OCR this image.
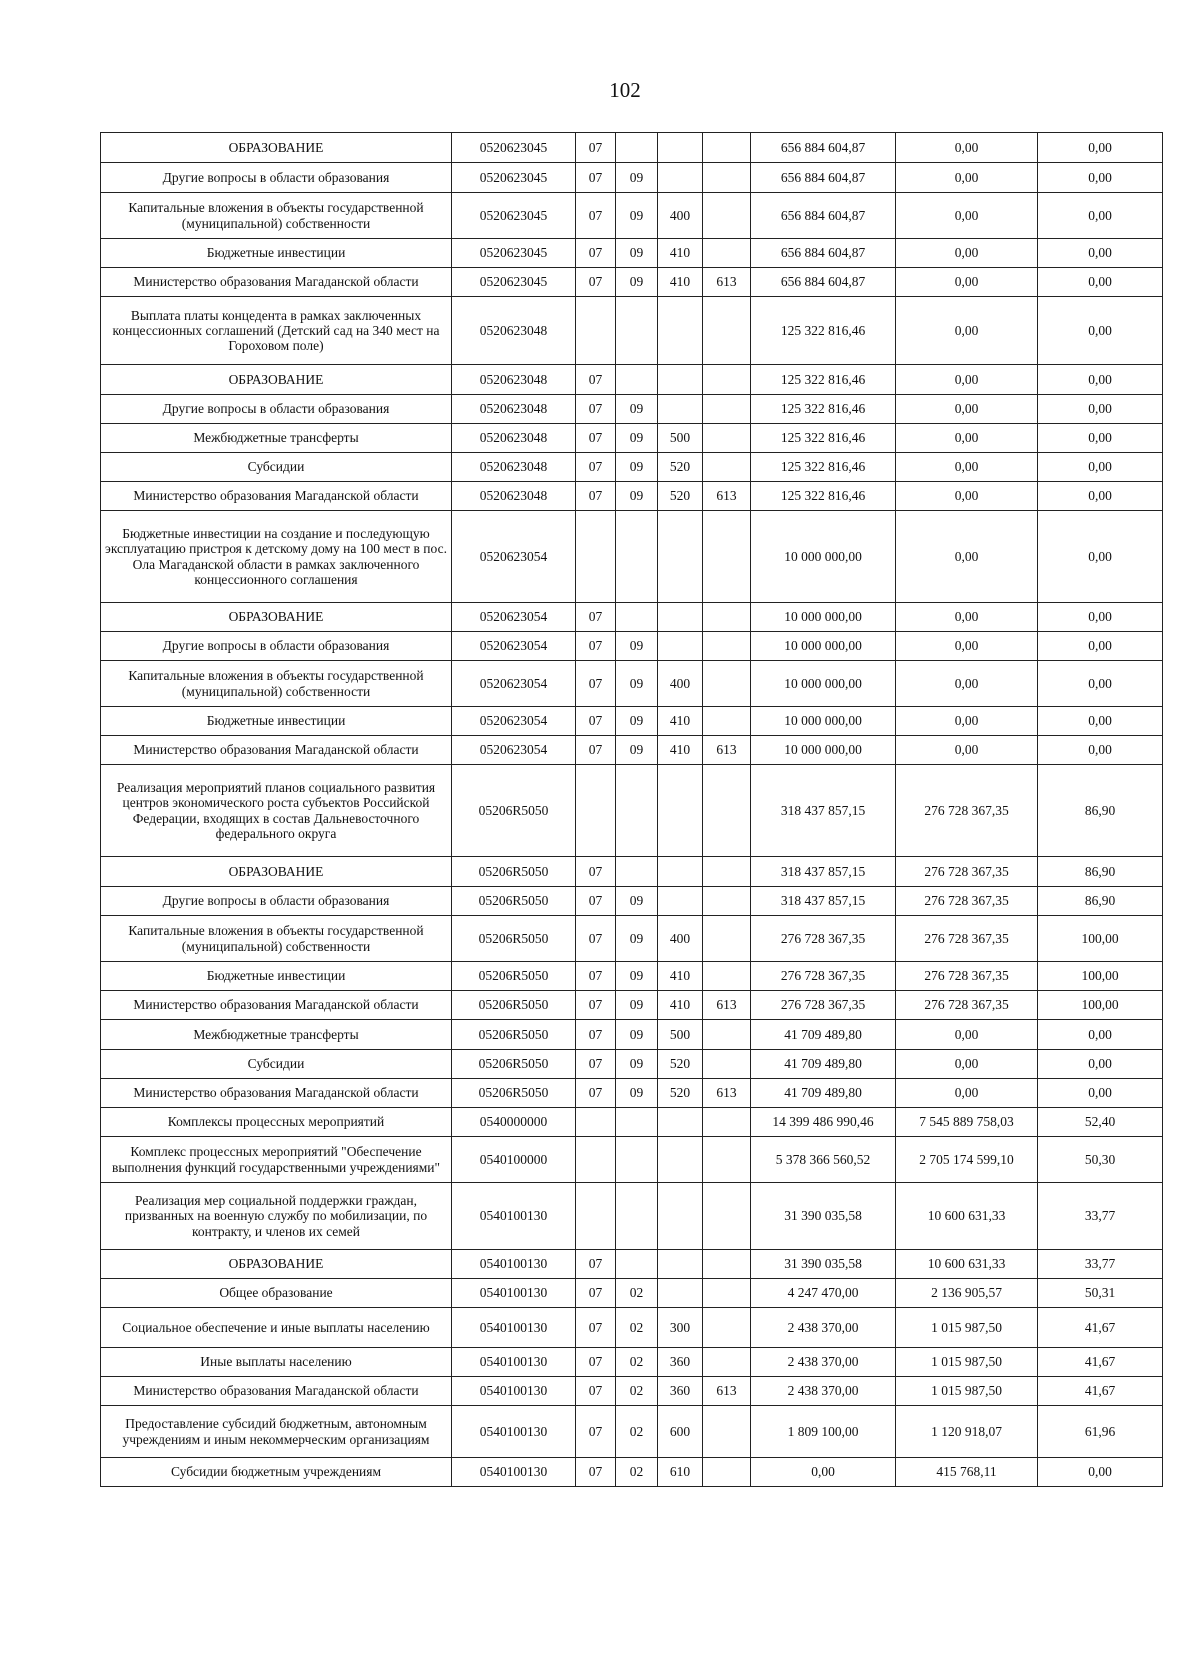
102
ОБРАЗОВАНИЕ	0520623045	07				656 884 604,87	0,00	0,00
Другие вопросы в области образования	0520623045	07	09			656 884 604,87	0,00	0,00
Капитальные вложения в объекты государственной (муниципальной) собственности	0520623045	07	09	400		656 884 604,87	0,00	0,00
Бюджетные инвестиции	0520623045	07	09	410		656 884 604,87	0,00	0,00
Министерство образования Магаданской области	0520623045	07	09	410	613	656 884 604,87	0,00	0,00
Выплата платы концедента в рамках заключенных концессионных соглашений (Детский сад на 340 мест на Гороховом поле)	0520623048					125 322 816,46	0,00	0,00
ОБРАЗОВАНИЕ	0520623048	07				125 322 816,46	0,00	0,00
Другие вопросы в области образования	0520623048	07	09			125 322 816,46	0,00	0,00
Межбюджетные трансферты	0520623048	07	09	500		125 322 816,46	0,00	0,00
Субсидии	0520623048	07	09	520		125 322 816,46	0,00	0,00
Министерство образования Магаданской области	0520623048	07	09	520	613	125 322 816,46	0,00	0,00
Бюджетные инвестиции на создание и последующую эксплуатацию пристроя к детскому дому на 100 мест в пос. Ола Магаданской области в рамках заключенного концессионного соглашения	0520623054					10 000 000,00	0,00	0,00
ОБРАЗОВАНИЕ	0520623054	07				10 000 000,00	0,00	0,00
Другие вопросы в области образования	0520623054	07	09			10 000 000,00	0,00	0,00
Капитальные вложения в объекты государственной (муниципальной) собственности	0520623054	07	09	400		10 000 000,00	0,00	0,00
Бюджетные инвестиции	0520623054	07	09	410		10 000 000,00	0,00	0,00
Министерство образования Магаданской области	0520623054	07	09	410	613	10 000 000,00	0,00	0,00
Реализация мероприятий планов социального развития центров экономического роста субъектов Российской Федерации, входящих в состав Дальневосточного федерального округа	05206R5050					318 437 857,15	276 728 367,35	86,90
ОБРАЗОВАНИЕ	05206R5050	07				318 437 857,15	276 728 367,35	86,90
Другие вопросы в области образования	05206R5050	07	09			318 437 857,15	276 728 367,35	86,90
Капитальные вложения в объекты государственной (муниципальной) собственности	05206R5050	07	09	400		276 728 367,35	276 728 367,35	100,00
Бюджетные инвестиции	05206R5050	07	09	410		276 728 367,35	276 728 367,35	100,00
Министерство образования Магаданской области	05206R5050	07	09	410	613	276 728 367,35	276 728 367,35	100,00
Межбюджетные трансферты	05206R5050	07	09	500		41 709 489,80	0,00	0,00
Субсидии	05206R5050	07	09	520		41 709 489,80	0,00	0,00
Министерство образования Магаданской области	05206R5050	07	09	520	613	41 709 489,80	0,00	0,00
Комплексы процессных мероприятий	0540000000					14 399 486 990,46	7 545 889 758,03	52,40
Комплекс процессных мероприятий "Обеспечение выполнения функций государственными учреждениями"	0540100000					5 378 366 560,52	2 705 174 599,10	50,30
Реализация мер социальной поддержки граждан, призванных на военную службу по мобилизации, по контракту, и членов их семей	0540100130					31 390 035,58	10 600 631,33	33,77
ОБРАЗОВАНИЕ	0540100130	07				31 390 035,58	10 600 631,33	33,77
Общее образование	0540100130	07	02			4 247 470,00	2 136 905,57	50,31
Социальное обеспечение и иные выплаты населению	0540100130	07	02	300		2 438 370,00	1 015 987,50	41,67
Иные выплаты населению	0540100130	07	02	360		2 438 370,00	1 015 987,50	41,67
Министерство образования Магаданской области	0540100130	07	02	360	613	2 438 370,00	1 015 987,50	41,67
Предоставление субсидий бюджетным, автономным учреждениям и иным некоммерческим организациям	0540100130	07	02	600		1 809 100,00	1 120 918,07	61,96
Субсидии бюджетным учреждениям	0540100130	07	02	610		0,00	415 768,11	0,00
